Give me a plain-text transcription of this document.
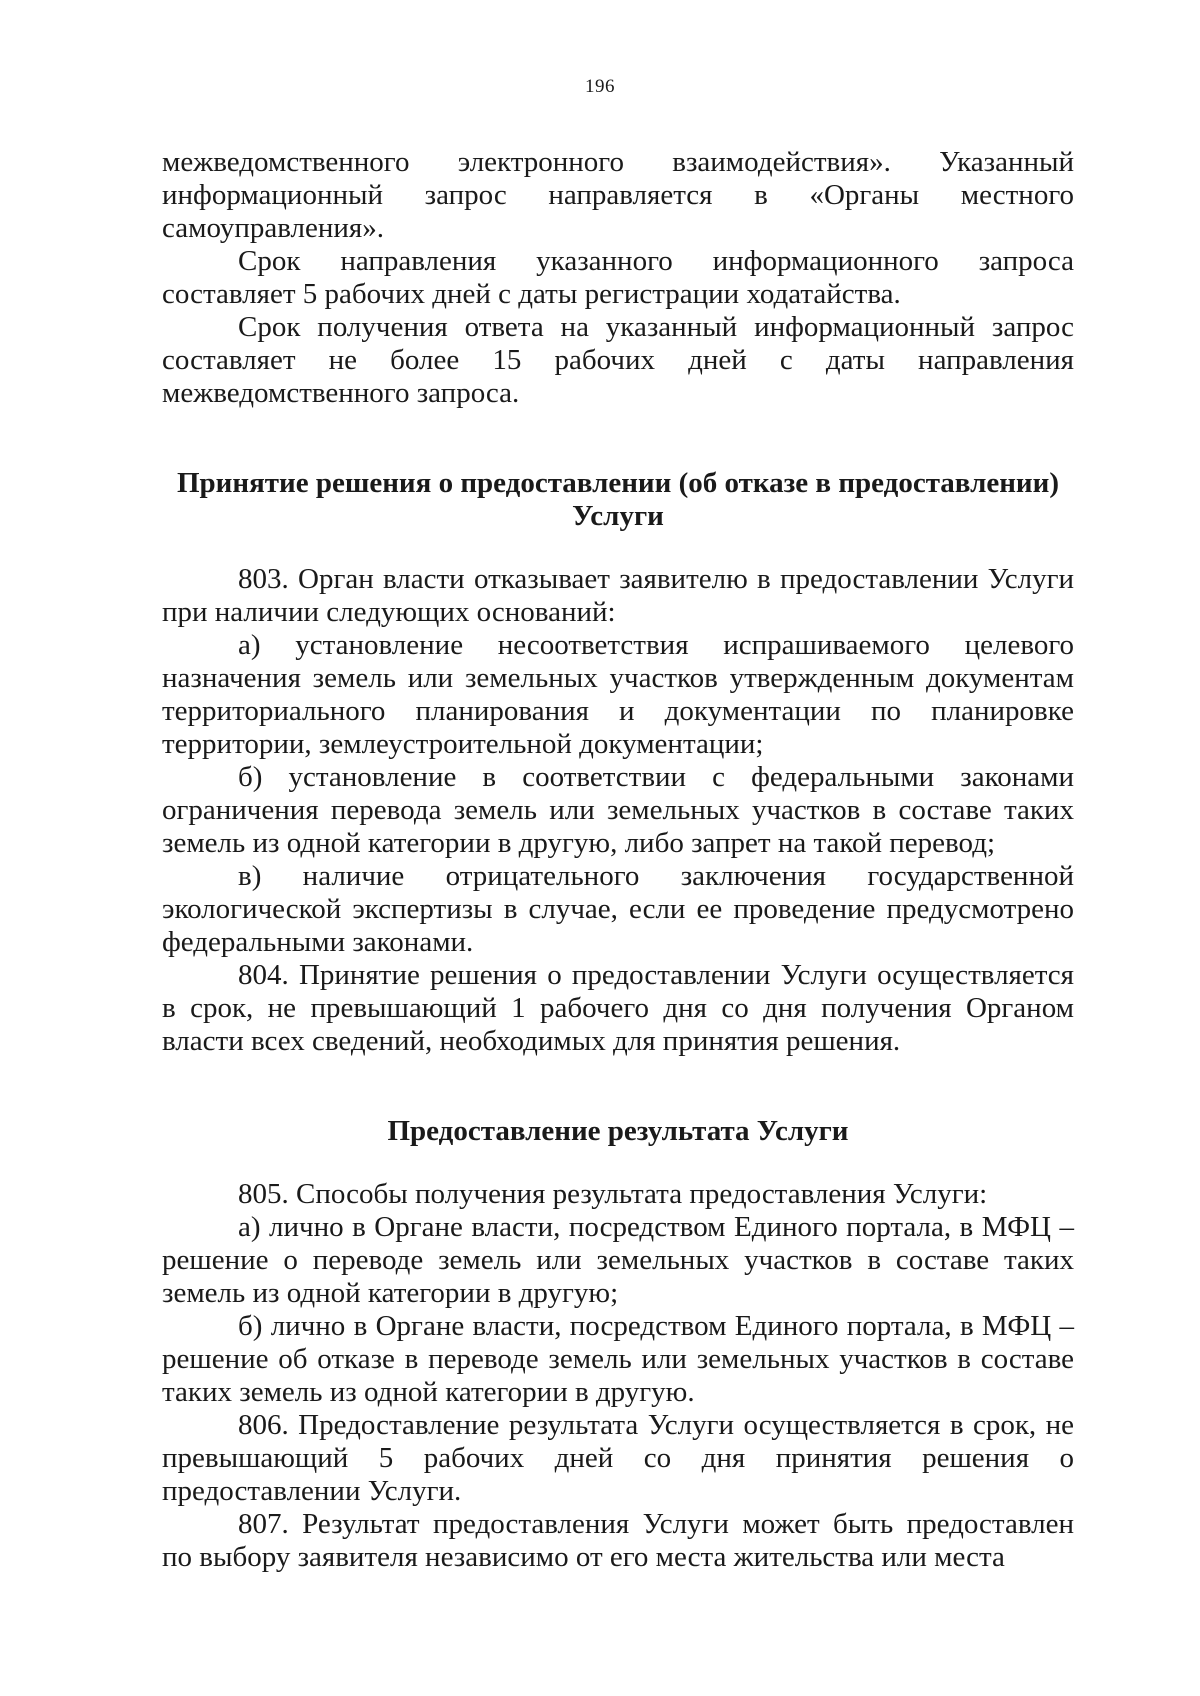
196

межведомственного электронного взаимодействия». Указанный информационный запрос направляется в «Органы местного самоуправления».

Срок направления указанного информационного запроса составляет 5 рабочих дней с даты регистрации ходатайства.

Срок получения ответа на указанный информационный запрос составляет не более 15 рабочих дней с даты направления межведомственного запроса.

Принятие решения о предоставлении (об отказе в предоставлении) Услуги

803. Орган власти отказывает заявителю в предоставлении Услуги при наличии следующих оснований:

а) установление несоответствия испрашиваемого целевого назначения земель или земельных участков утвержденным документам территориального планирования и документации по планировке территории, землеустроительной документации;

б) установление в соответствии с федеральными законами ограничения перевода земель или земельных участков в составе таких земель из одной категории в другую, либо запрет на такой перевод;

в) наличие отрицательного заключения государственной экологической экспертизы в случае, если ее проведение предусмотрено федеральными законами.

804. Принятие решения о предоставлении Услуги осуществляется в срок, не превышающий 1 рабочего дня со дня получения Органом власти всех сведений, необходимых для принятия решения.

Предоставление результата Услуги

805. Способы получения результата предоставления Услуги:

а) лично в Органе власти, посредством Единого портала, в МФЦ – решение о переводе земель или земельных участков в составе таких земель из одной категории в другую;

б) лично в Органе власти, посредством Единого портала, в МФЦ – решение об отказе в переводе земель или земельных участков в составе таких земель из одной категории в другую.

806. Предоставление результата Услуги осуществляется в срок, не превышающий 5 рабочих дней со дня принятия решения о предоставлении Услуги.

807. Результат предоставления Услуги может быть предоставлен по выбору заявителя независимо от его места жительства или места
